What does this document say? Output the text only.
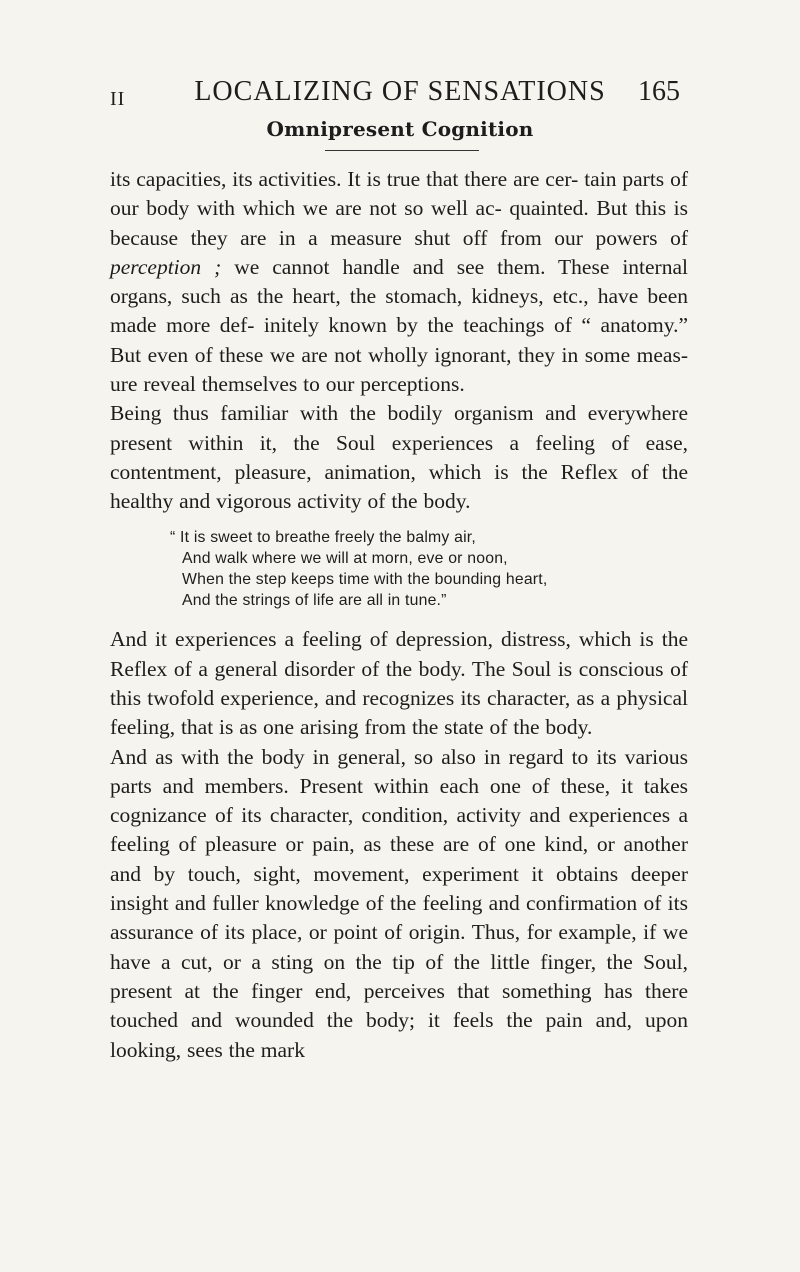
II	LOCALIZING OF SENSATIONS	165
Omnipresent Cognition

its capacities, its activities. It is true that there are cer- tain parts of our body with which we are not so well ac- quainted. But this is because they are in a measure shut off from our powers of perception ; we cannot handle and see them. These internal organs, such as the heart, the stomach, kidneys, etc., have been made more def- initely known by the teachings of “ anatomy.” But even of these we are not wholly ignorant, they in some meas- ure reveal themselves to our perceptions.

Being thus familiar with the bodily organism and everywhere present within it, the Soul experiences a feeling of ease, contentment, pleasure, animation, which is the Reflex of the healthy and vigorous activity of the body.

“ It is sweet to breathe freely the balmy air,
And walk where we will at morn, eve or noon,
When the step keeps time with the bounding heart,
And the strings of life are all in tune.”

And it experiences a feeling of depression, distress, which is the Reflex of a general disorder of the body. The Soul is conscious of this twofold experience, and recognizes its character, as a physical feeling, that is as one arising from the state of the body.

And as with the body in general, so also in regard to its various parts and members. Present within each one of these, it takes cognizance of its character, condition, activity and experiences a feeling of pleasure or pain, as these are of one kind, or another and by touch, sight, movement, experiment it obtains deeper insight and fuller knowledge of the feeling and confirmation of its assurance of its place, or point of origin. Thus, for example, if we have a cut, or a sting on the tip of the little finger, the Soul, present at the finger end, perceives that something has there touched and wounded the body; it feels the pain and, upon looking, sees the mark
